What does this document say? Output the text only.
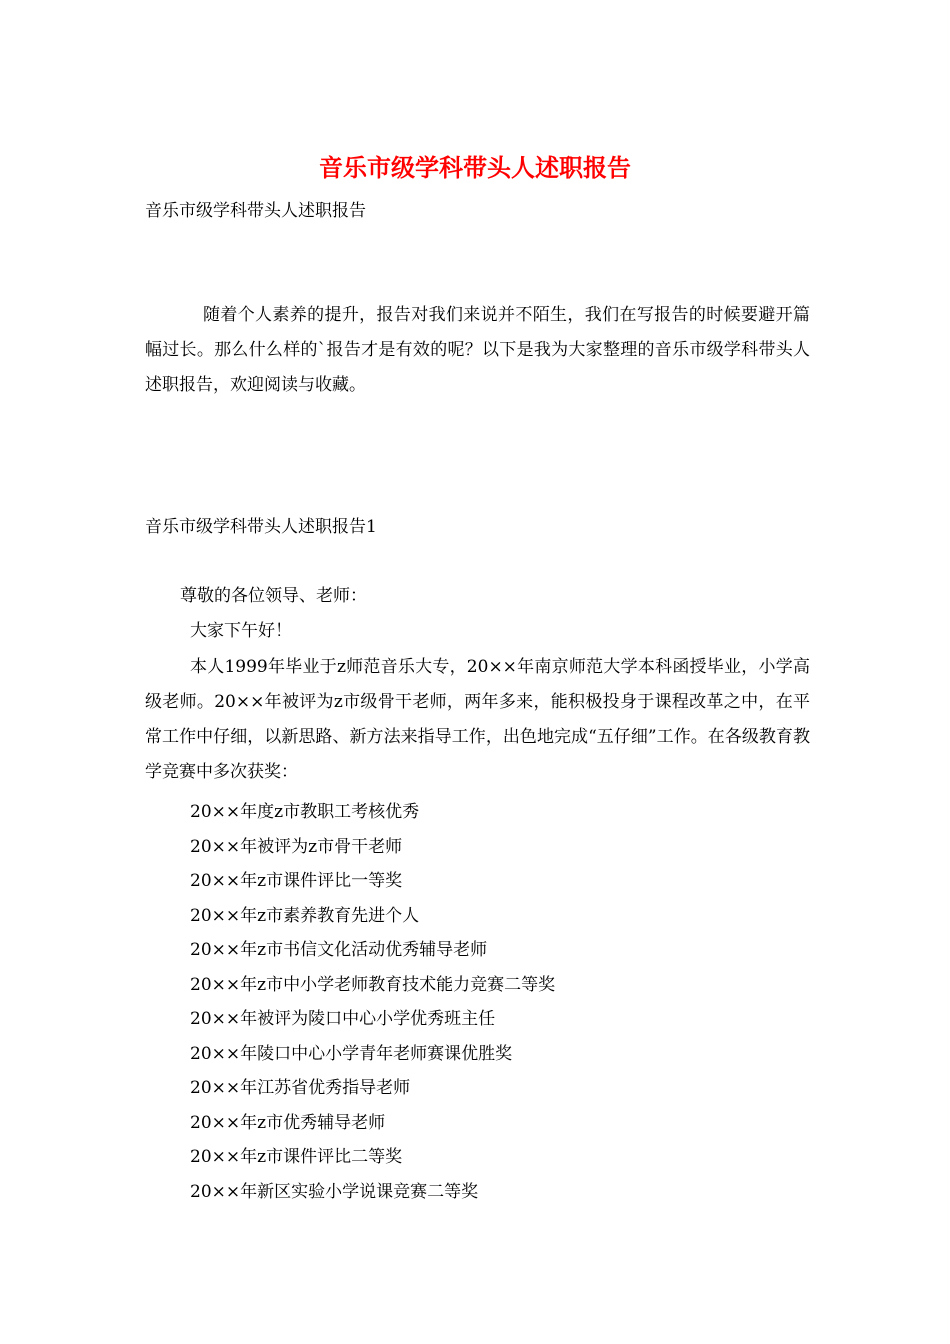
音乐市级学科带头人述职报告
音乐市级学科带头人述职报告

随着个人素养的提升，报告对我们来说并不陌生，我们在写报告的时候要避开篇幅过长。那么什么样的`报告才是有效的呢？以下是我为大家整理的音乐市级学科带头人述职报告，欢迎阅读与收藏。

音乐市级学科带头人述职报告1
尊敬的各位领导、老师：
大家下午好！

本人1999年毕业于z师范音乐大专，20××年南京师范大学本科函授毕业，小学高级老师。20××年被评为z市级骨干老师，两年多来，能积极投身于课程改革之中，在平常工作中仔细，以新思路、新方法来指导工作，出色地完成“五仔细”工作。在各级教育教学竞赛中多次获奖：

20××年度z市教职工考核优秀
20××年被评为z市骨干老师
20××年z市课件评比一等奖
20××年z市素养教育先进个人
20××年z市书信文化活动优秀辅导老师
20××年z市中小学老师教育技术能力竞赛二等奖
20××年被评为陵口中心小学优秀班主任
20××年陵口中心小学青年老师赛课优胜奖
20××年江苏省优秀指导老师
20××年z市优秀辅导老师
20××年z市课件评比二等奖
20××年新区实验小学说课竞赛二等奖
